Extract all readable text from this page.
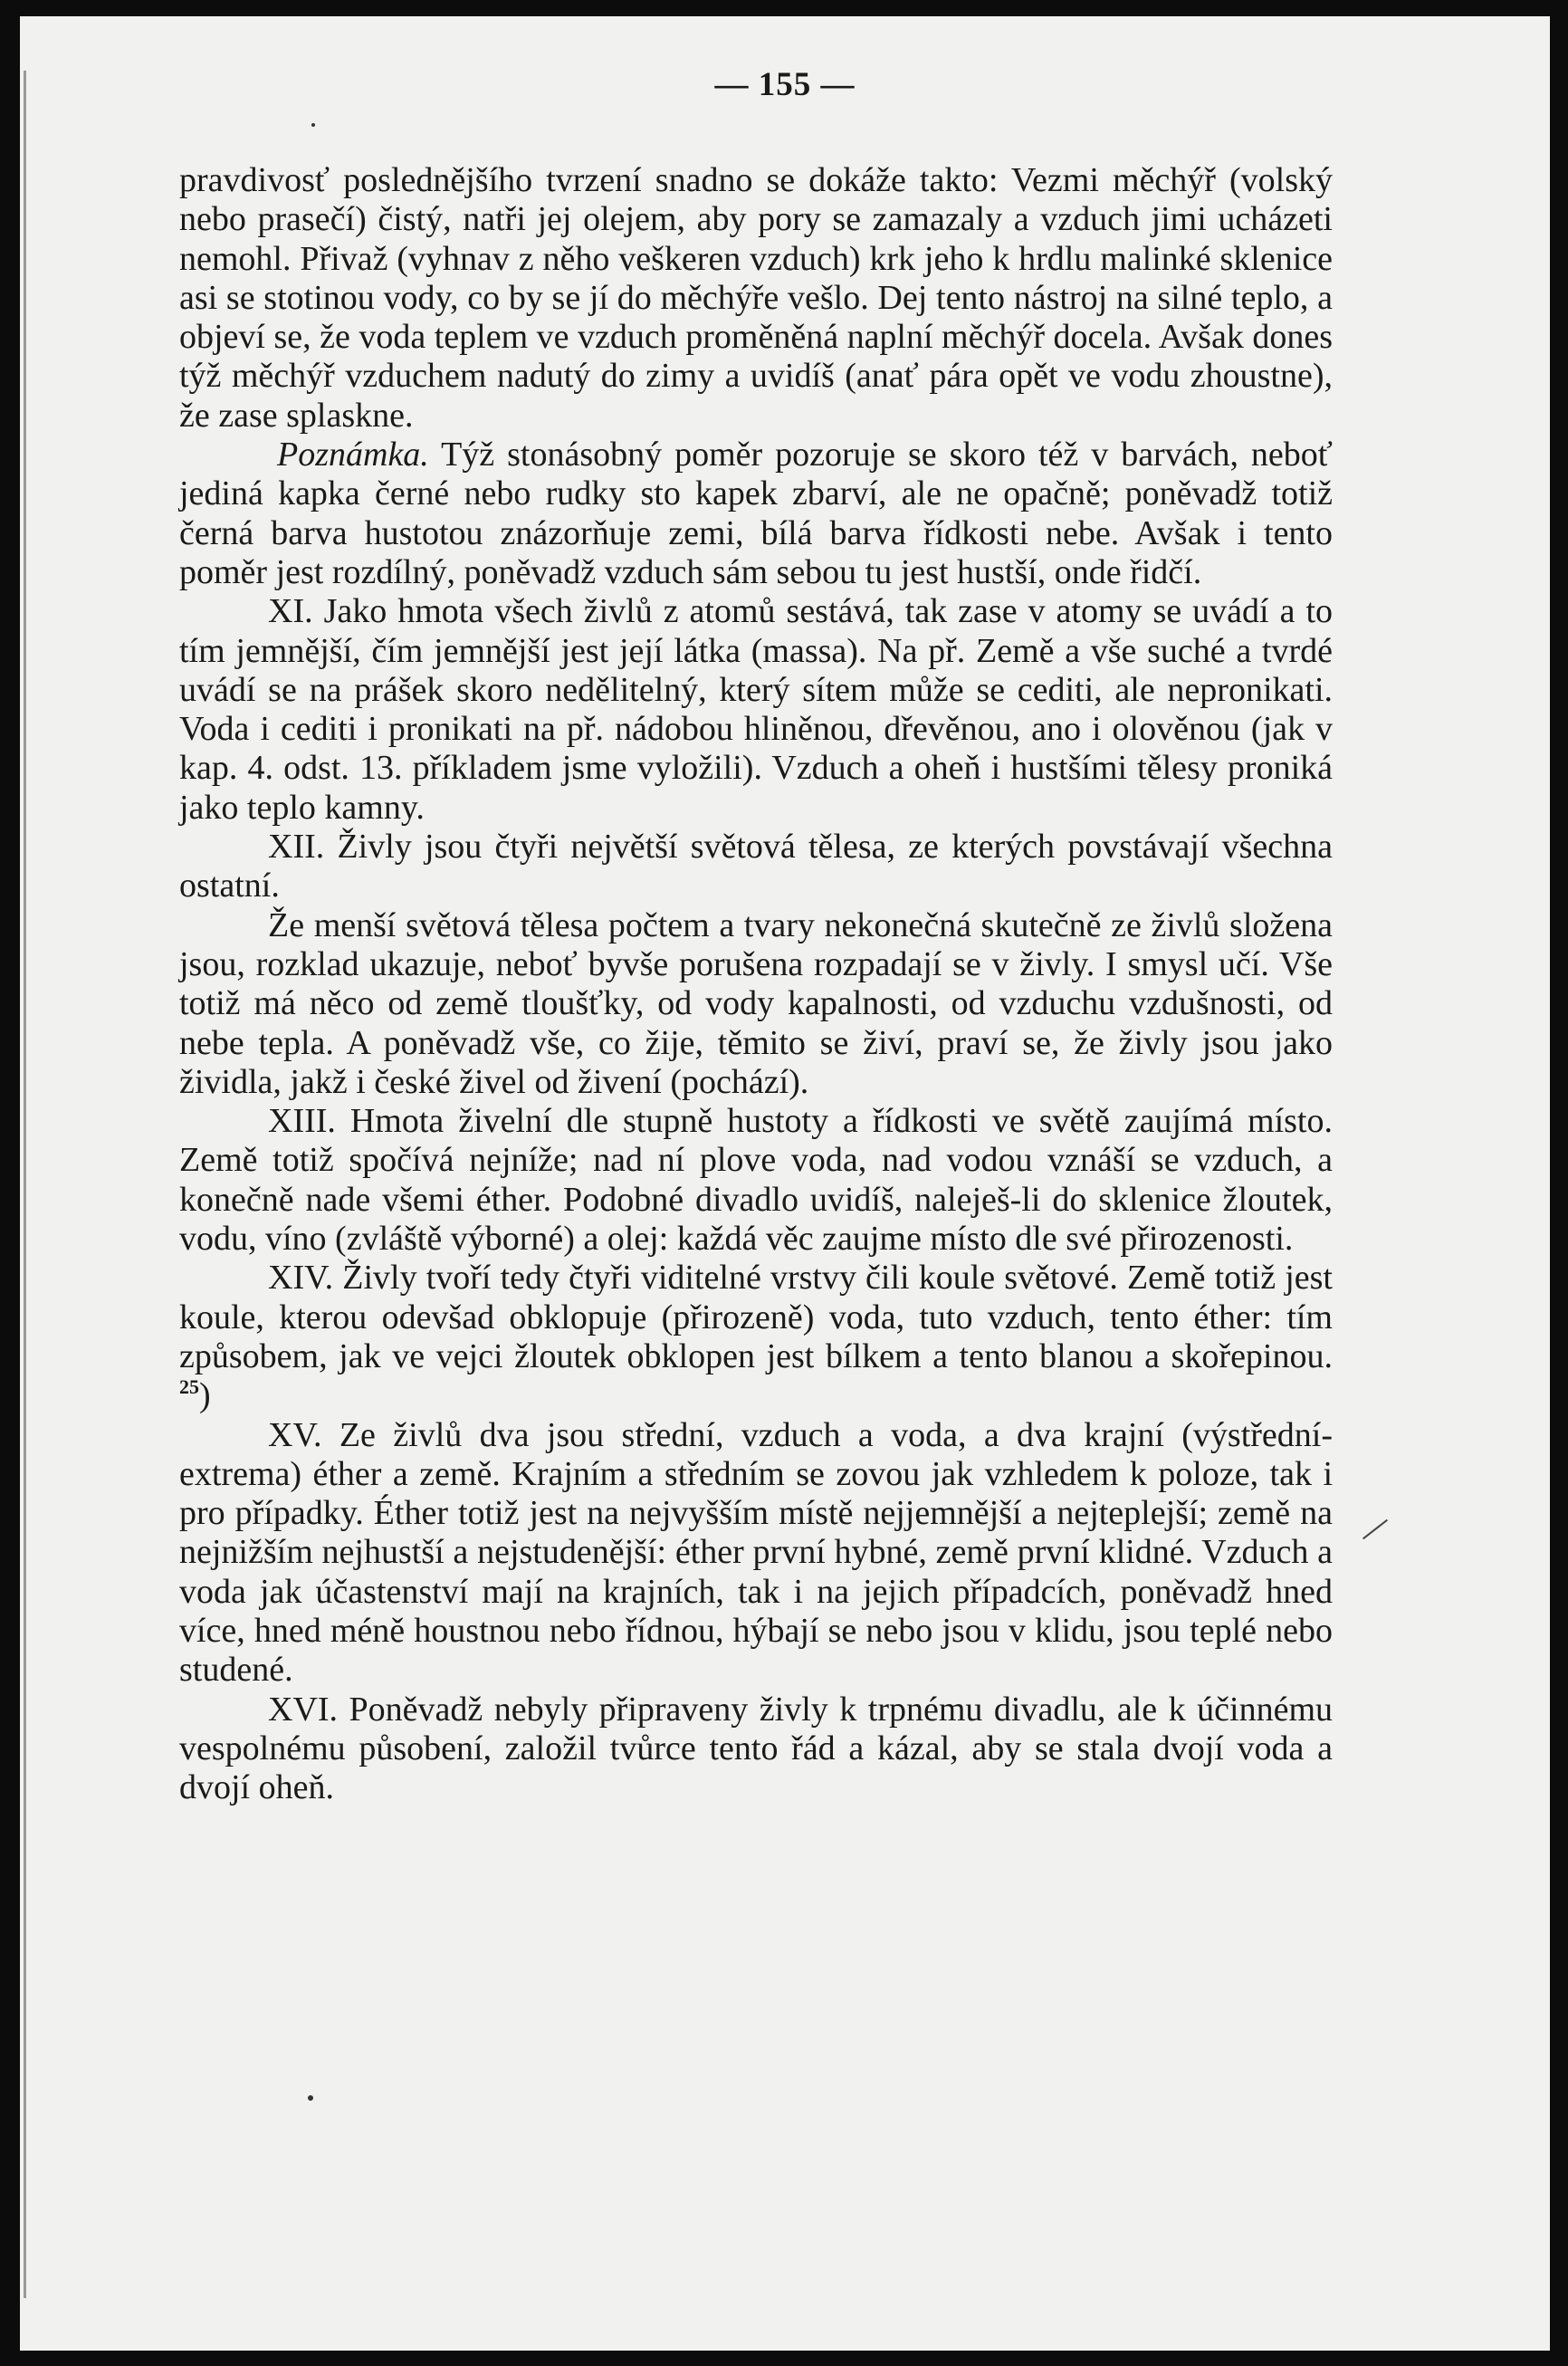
— 155 —

pravdivosť poslednějšího tvrzení snadno se dokáže takto: Vezmi měchýř (volský nebo prasečí) čistý, natři jej olejem, aby pory se zamazaly a vzduch jimi ucházeti nemohl. Přivaž (vyhnav z něho veškeren vzduch) krk jeho k hrdlu malinké sklenice asi se stotinou vody, co by se jí do měchýře vešlo. Dej tento nástroj na silné teplo, a objeví se, že voda teplem ve vzduch proměněná naplní měchýř docela. Avšak dones týž měchýř vzduchem nadutý do zimy a uvidíš (anať pára opět ve vodu zhoustne), že zase splaskne.

Poznámka. Týž stonásobný poměr pozoruje se skoro též v barvách, neboť jediná kapka černé nebo rudky sto kapek zbarví, ale ne opačně; poněvadž totiž černá barva hustotou znázorňuje zemi, bílá barva řídkosti nebe. Avšak i tento poměr jest rozdílný, poněvadž vzduch sám sebou tu jest hustší, onde řidčí.

XI. Jako hmota všech živlů z atomů sestává, tak zase v atomy se uvádí a to tím jemnější, čím jemnější jest její látka (massa). Na př. Země a vše suché a tvrdé uvádí se na prášek skoro nedělitelný, který sítem může se cediti, ale nepronikati. Voda i cediti i pronikati na př. nádobou hliněnou, dřevěnou, ano i olověnou (jak v kap. 4. odst. 13. příkladem jsme vyložili). Vzduch a oheň i hustšími tělesy proniká jako teplo kamny.

XII. Živly jsou čtyři největší světová tělesa, ze kterých povstávají všechna ostatní.

Že menší světová tělesa počtem a tvary nekonečná skutečně ze živlů složena jsou, rozklad ukazuje, neboť byvše porušena rozpadají se v živly. I smysl učí. Vše totiž má něco od země tloušťky, od vody kapalnosti, od vzduchu vzdušnosti, od nebe tepla. A poněvadž vše, co žije, těmito se živí, praví se, že živly jsou jako žividla, jakž i české živel od živení (pochází).

XIII. Hmota živelní dle stupně hustoty a řídkosti ve světě zaujímá místo. Země totiž spočívá nejníže; nad ní plove voda, nad vodou vznáší se vzduch, a konečně nade všemi éther. Podobné divadlo uvidíš, naleješ-li do sklenice žloutek, vodu, víno (zvláště výborné) a olej: každá věc zaujme místo dle své přirozenosti.

XIV. Živly tvoří tedy čtyři viditelné vrstvy čili koule světové. Země totiž jest koule, kterou odevšad obklopuje (přirozeně) voda, tuto vzduch, tento éther: tím způsobem, jak ve vejci žloutek obklopen jest bílkem a tento blanou a skořepinou. $^{25}$)

XV. Ze živlů dva jsou střední, vzduch a voda, a dva krajní (výstřední-extrema) éther a země. Krajním a středním se zovou jak vzhledem k poloze, tak i pro případky. Éther totiž jest na nejvyšším místě nejjemnější a nejteplejší; země na nejnižším nejhustší a nejstudenější: éther první hybné, země první klidné. Vzduch a voda jak účastenství mají na krajních, tak i na jejich případcích, poněvadž hned více, hned méně houstnou nebo řídnou, hýbají se nebo jsou v klidu, jsou teplé nebo studené.

XVI. Poněvadž nebyly připraveny živly k trpnému divadlu, ale k účinnému vespolnému působení, založil tvůrce tento řád a kázal, aby se stala dvojí voda a dvojí oheň.
